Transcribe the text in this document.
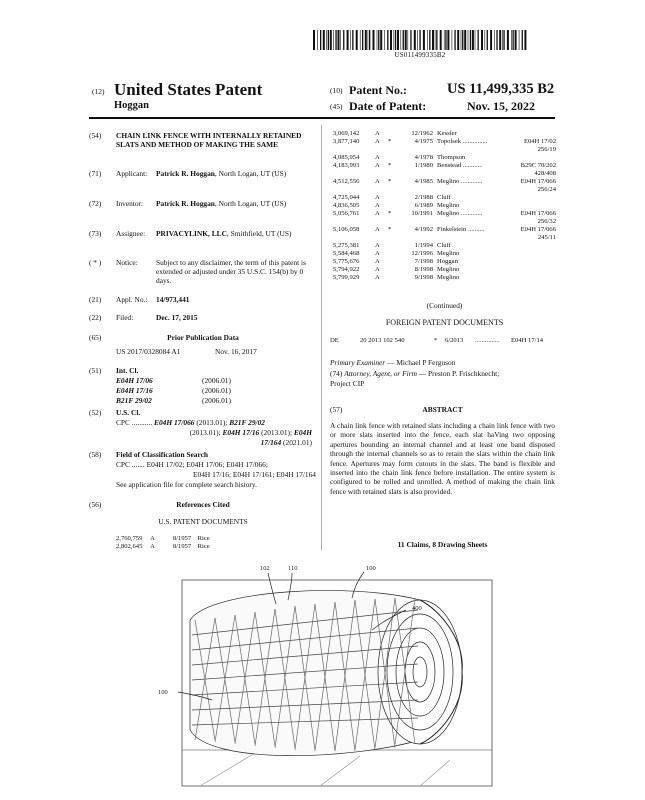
US011499335B2
(12) United States Patent
Hoggan
(10) Patent No.:	US 11,499,335 B2
(45) Date of Patent:	Nov. 15, 2022
(54)	CHAIN LINK FENCE WITH INTERNALLY RETAINED SLATS AND METHOD OF MAKING THE SAME
(71)	Applicant:	Patrick R. Hoggan, North Logan, UT (US)
(72)	Inventor:	Patrick R. Hoggan, North Logan, UT (US)
(73)	Assignee:	PRIVACYLINK, LLC, Smithfield, UT (US)
( * )	Notice:	Subject to any disclaimer, the term of this patent is extended or adjusted under 35 U.S.C. 154(b) by 0 days.
(21)	Appl. No.:	14/973,441
(22)	Filed:	Dec. 17, 2015
(65)	Prior Publication Data
US 2017/0328084 A1	Nov. 16, 2017
(51) Int. Cl.
E04H 17/06	(2006.01)
E04H 17/16	(2006.01)
B21F 29/02	(2006.01)
(52) U.S. Cl.
CPC ........... E04H 17/066 (2013.01); B21F 29/02
(2013.01); E04H 17/16 (2013.01); E04H
17/164 (2021.01)
(58) Field of Classification Search
CPC ....... E04H 17/02; E04H 17/06; E04H 17/066;
E04H 17/16; E04H 17/161; E04H 17/164
See application file for complete search history.
(56)	References Cited
U.S. PATENT DOCUMENTS
2,760,759	A	8/1957 Rice
2,802,645	A	8/1957 Rice
3,069,142	A	12/1962 Kessler
3,877,140	A	*	4/1975 Topolsek ...............	E04H 17/02
256/19
4,085,954	A	4/1978 Thompson
4,183,993	A	*	1/1980 Benstead ............	B29C 70/202
428/408
4,512,556	A	*	4/1985 Meglino .............	E04H 17/066
256/24
4,725,044	A	2/1988 Cluff
4,836,505	A	6/1989 Meglino
5,056,761	A	*	10/1991 Meglino .............	E04H 17/066
256/32
5,106,058	A	*	4/1992 Finkelstein ..........	E04H 17/066
245/11
5,275,381	A	1/1994 Cluff
5,584,468	A	12/1996 Meglino
5,775,676	A	7/1998 Hoggan
5,794,922	A	8/1998 Meglino
5,799,929	A	9/1998 Meglino
(Continued)
FOREIGN PATENT DOCUMENTS
DE	20 2013 102 540	* 6/2013 ............... E04H 17/14
Primary Examiner — Michael P Ferguson
(74) Attorney, Agent, or Firm — Preston P. Frischknecht;
Project CIP
(57)	ABSTRACT
A chain link fence with retained slats including a chain link fence with two or more slats inserted into the fence, each slat haVing two opposing apertures bounding an internal channel and at least one band disposed through the internal channels so as to retain the slats within the chain link fence. Apertures may form cutouts in the slats. The band is flexible and inserted into the chain link fence before installation. The entire system is configured to be rolled and unrolled. A method of making the chain link fence with retained slats is also provided.
11 Claims, 8 Drawing Sheets
102	110	100
400
100
